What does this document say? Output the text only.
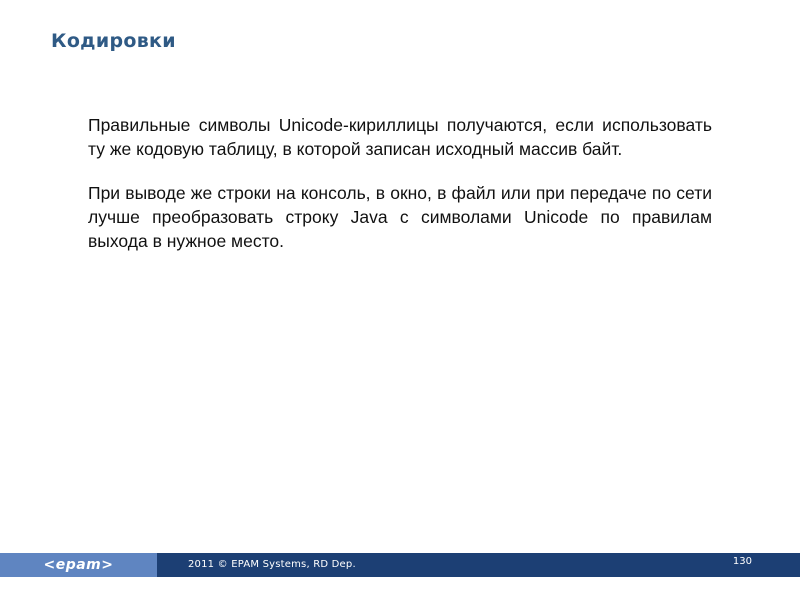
Кодировки

Правильные символы Unicode-кириллицы получаются, если использовать ту же кодовую таблицу, в которой записан исходный массив байт.

При выводе же строки на консоль, в окно, в файл или при передаче по сети лучше преобразовать строку Java с символами Unicode по правилам выхода в нужное место.

<epam>	2011 © EPAM Systems, RD Dep.	130
